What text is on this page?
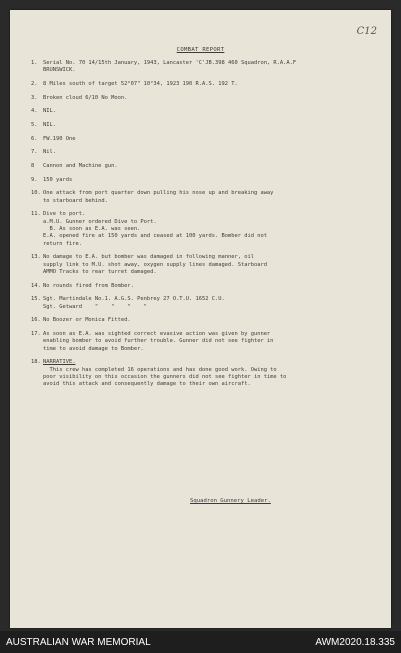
C12
COMBAT REPORT
1.	Serial No. 70 14/15th January, 1943, Lancaster 'C'JB.398 460 Squadron, R.A.A.F
BRUNSWICK.
2.	8 Miles south of target 52°07" 10°34, 1923 190 R.A.S. 192 T.
3.	Broken cloud 6/10 No Moon.
4.	NIL.
5.	NIL.
6.	FW.190 One
7.	Nil.
8	Cannon and Machine gun.
9.	150 yards
10. One attack from port quarter down pulling his nose up and breaking away
to starboard behind.
11. Dive to port.
a.M.U. Gunner ordered Dive to Port.
B. As soon as E.A. was seen.
E.A. opened fire at 150 yards and ceased at 100 yards. Bomber did not
return fire.
13. No damage to E.A. but bomber was damaged in following manner, oil
supply link to M.U. shot away, oxygen supply lines damaged. Starboard
AMMO Tracks to rear turret damaged.
14. No rounds fired from Bomber.
15. Sgt. Martindale No.1. A.G.S. Penbrey 27 O.T.U. 1652 C.U.
Sgt. Getward    "    "    "    "
16. No Boozer or Monica Fitted.
17. As soon as E.A. was sighted correct evasive action was given by gunner
enabling bomber to avoid further trouble. Gunner did not see fighter in
time to avoid damage to Bomber.
18. NARRATIVE.
This crew has completed 16 operations and has done good work. Owing to
poor visibility on this occasion the gunners did not see fighter in time to
avoid this attack and consequently damage to their own aircraft.
Squadron Gunnery Leader.
AUSTRALIAN WAR MEMORIAL	AWM2020.18.335
